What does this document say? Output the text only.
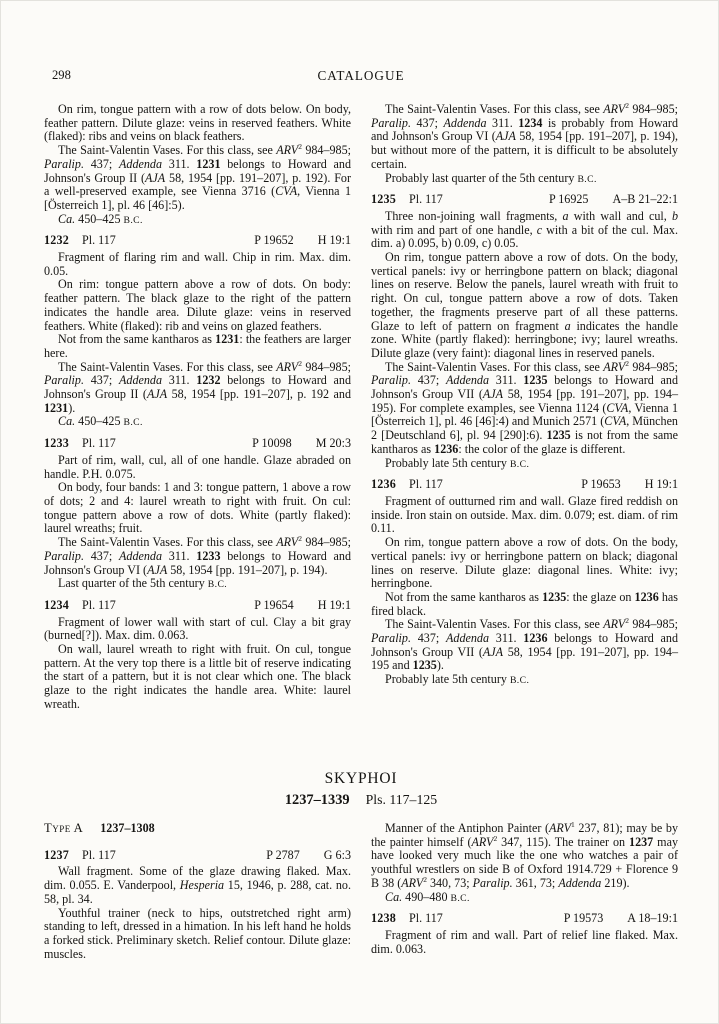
298	CATALOGUE
On rim, tongue pattern with a row of dots below. On body, feather pattern. Dilute glaze: veins in reserved feathers. White (flaked): ribs and veins on black feathers.
The Saint-Valentin Vases. For this class, see ARV$^2$ 984–985; Paralip. 437; Addenda 311. 1231 belongs to Howard and Johnson's Group II (AJA 58, 1954 [pp. 191–207], p. 192). For a well-preserved example, see Vienna 3716 (CVA, Vienna 1 [Österreich 1], pl. 46 [46]:5).
Ca. 450–425 B.C.
1232 Pl. 117	P 19652 H 19:1
Fragment of flaring rim and wall. Chip in rim. Max. dim. 0.05.
On rim: tongue pattern above a row of dots. On body: feather pattern. The black glaze to the right of the pattern indicates the handle area. Dilute glaze: veins in reserved feathers. White (flaked): rib and veins on glazed feathers.
Not from the same kantharos as 1231: the feathers are larger here.
The Saint-Valentin Vases. For this class, see ARV$^2$ 984–985; Paralip. 437; Addenda 311. 1232 belongs to Howard and Johnson's Group II (AJA 58, 1954 [pp. 191–207], p. 192 and 1231).
Ca. 450–425 B.C.
1233 Pl. 117	P 10098 M 20:3
Part of rim, wall, cul, all of one handle. Glaze abraded on handle. P.H. 0.075.
On body, four bands: 1 and 3: tongue pattern, 1 above a row of dots; 2 and 4: laurel wreath to right with fruit. On cul: tongue pattern above a row of dots. White (partly flaked): laurel wreaths; fruit.
The Saint-Valentin Vases. For this class, see ARV$^2$ 984–985; Paralip. 437; Addenda 311. 1233 belongs to Howard and Johnson's Group VI (AJA 58, 1954 [pp. 191–207], p. 194).
Last quarter of the 5th century B.C.
1234 Pl. 117	P 19654 H 19:1
Fragment of lower wall with start of cul. Clay a bit gray (burned[?]). Max. dim. 0.063.
On wall, laurel wreath to right with fruit. On cul, tongue pattern. At the very top there is a little bit of reserve indicating the start of a pattern, but it is not clear which one. The black glaze to the right indicates the handle area. White: laurel wreath.
The Saint-Valentin Vases. For this class, see ARV$^2$ 984–985; Paralip. 437; Addenda 311. 1234 is probably from Howard and Johnson's Group VI (AJA 58, 1954 [pp. 191–207], p. 194), but without more of the pattern, it is difficult to be absolutely certain.
Probably last quarter of the 5th century B.C.
1235 Pl. 117	P 16925 A–B 21–22:1
Three non-joining wall fragments, a with wall and cul, b with rim and part of one handle, c with a bit of the cul. Max. dim. a) 0.095, b) 0.09, c) 0.05.
On rim, tongue pattern above a row of dots. On the body, vertical panels: ivy or herringbone pattern on black; diagonal lines on reserve. Below the panels, laurel wreath with fruit to right. On cul, tongue pattern above a row of dots. Taken together, the fragments preserve part of all these patterns. Glaze to left of pattern on fragment a indicates the handle zone. White (partly flaked): herringbone; ivy; laurel wreaths. Dilute glaze (very faint): diagonal lines in reserved panels.
The Saint-Valentin Vases. For this class, see ARV$^2$ 984–985; Paralip. 437; Addenda 311. 1235 belongs to Howard and Johnson's Group VII (AJA 58, 1954 [pp. 191–207], pp. 194–195). For complete examples, see Vienna 1124 (CVA, Vienna 1 [Österreich 1], pl. 46 [46]:4) and Munich 2571 (CVA, München 2 [Deutschland 6], pl. 94 [290]:6). 1235 is not from the same kantharos as 1236: the color of the glaze is different.
Probably late 5th century B.C.
1236 Pl. 117	P 19653 H 19:1
Fragment of outturned rim and wall. Glaze fired reddish on inside. Iron stain on outside. Max. dim. 0.079; est. diam. of rim 0.11.
On rim, tongue pattern above a row of dots. On the body, vertical panels: ivy or herringbone pattern on black; diagonal lines on reserve. Dilute glaze: diagonal lines. White: ivy; herringbone.
Not from the same kantharos as 1235: the glaze on 1236 has fired black.
The Saint-Valentin Vases. For this class, see ARV$^2$ 984–985; Paralip. 437; Addenda 311. 1236 belongs to Howard and Johnson's Group VII (AJA 58, 1954 [pp. 191–207], pp. 194–195 and 1235).
Probably late 5th century B.C.
SKYPHOI
1237–1339 Pls. 117–125
Type A 1237–1308
1237 Pl. 117	P 2787 G 6:3
Wall fragment. Some of the glaze drawing flaked. Max. dim. 0.055. E. Vanderpool, Hesperia 15, 1946, p. 288, cat. no. 58, pl. 34.
Youthful trainer (neck to hips, outstretched right arm) standing to left, dressed in a himation. In his left hand he holds a forked stick. Preliminary sketch. Relief contour. Dilute glaze: muscles.
Manner of the Antiphon Painter (ARV$^1$ 237, 81); may be by the painter himself (ARV$^2$ 347, 115). The trainer on 1237 may have looked very much like the one who watches a pair of youthful wrestlers on side B of Oxford 1914.729 + Florence 9 B 38 (ARV$^2$ 340, 73; Paralip. 361, 73; Addenda 219).
Ca. 490–480 B.C.
1238 Pl. 117	P 19573 A 18–19:1
Fragment of rim and wall. Part of relief line flaked. Max. dim. 0.063.
